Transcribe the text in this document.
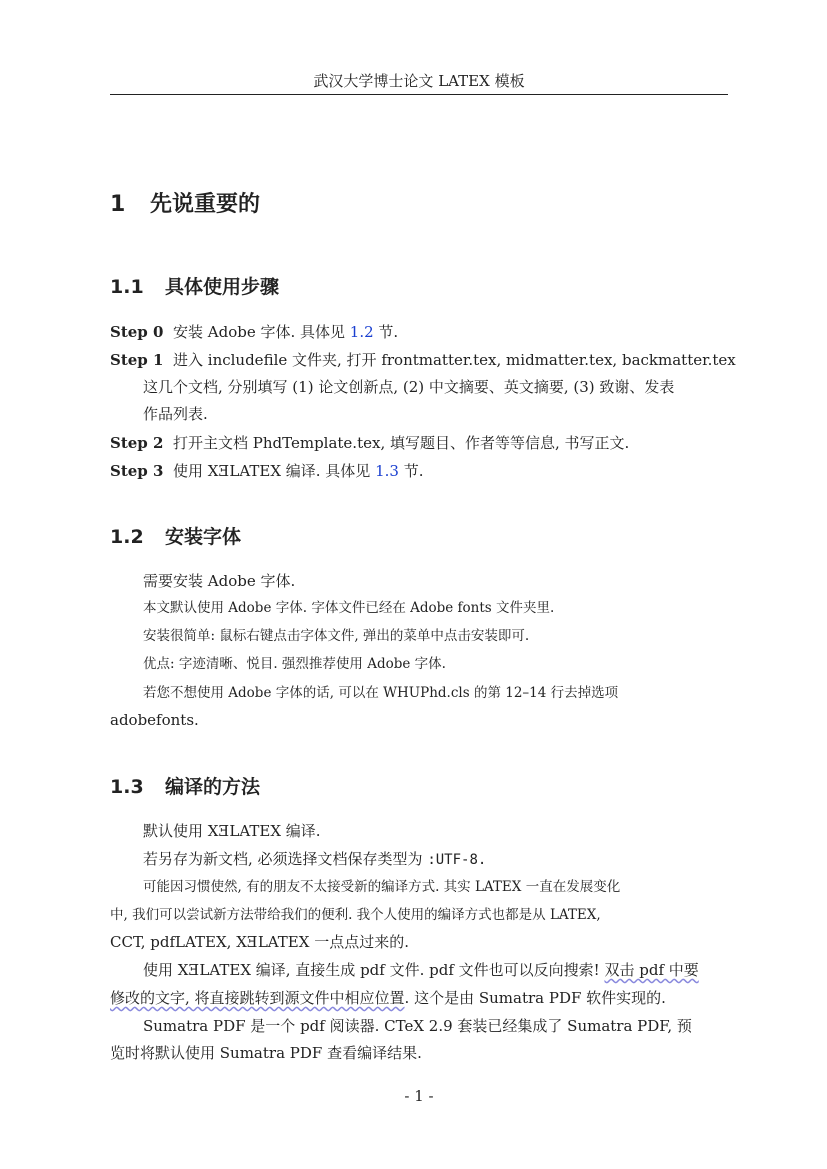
武汉大学博士论文 LATEX 模板
1 先说重要的
1.1 具体使用步骤
Step 0 安装 Adobe 字体. 具体见 1.2 节.
Step 1 进入 includefile 文件夹, 打开 frontmatter.tex, midmatter.tex, backmatter.tex
这几个文档, 分别填写 (1) 论文创新点, (2) 中文摘要、英文摘要, (3) 致谢、发表
作品列表.
Step 2 打开主文档 PhdTemplate.tex, 填写题目、作者等等信息, 书写正文.
Step 3 使用 XƎLATEX 编译. 具体见 1.3 节.
1.2 安装字体
需要安装 Adobe 字体.
本文默认使用 Adobe 字体. 字体文件已经在 Adobe fonts 文件夹里.
安装很简单: 鼠标右键点击字体文件, 弹出的菜单中点击安装即可.
优点: 字迹清晰、悦目. 强烈推荐使用 Adobe 字体.
若您不想使用 Adobe 字体的话, 可以在 WHUPhd.cls 的第 12–14 行去掉选项
adobefonts.
1.3 编译的方法
默认使用 XƎLATEX 编译.
若另存为新文档, 必须选择文档保存类型为 :UTF-8.
可能因习惯使然, 有的朋友不太接受新的编译方式. 其实 LATEX 一直在发展变化
中, 我们可以尝试新方法带给我们的便利. 我个人使用的编译方式也都是从 LATEX,
CCT, pdfLATEX, XƎLATEX 一点点过来的.
使用 XƎLATEX 编译, 直接生成 pdf 文件. pdf 文件也可以反向搜索! 双击 pdf 中要
修改的文字, 将直接跳转到源文件中相应位置. 这个是由 Sumatra PDF 软件实现的.
Sumatra PDF 是一个 pdf 阅读器. CTeX 2.9 套装已经集成了 Sumatra PDF, 预
览时将默认使用 Sumatra PDF 查看编译结果.
- 1 -
